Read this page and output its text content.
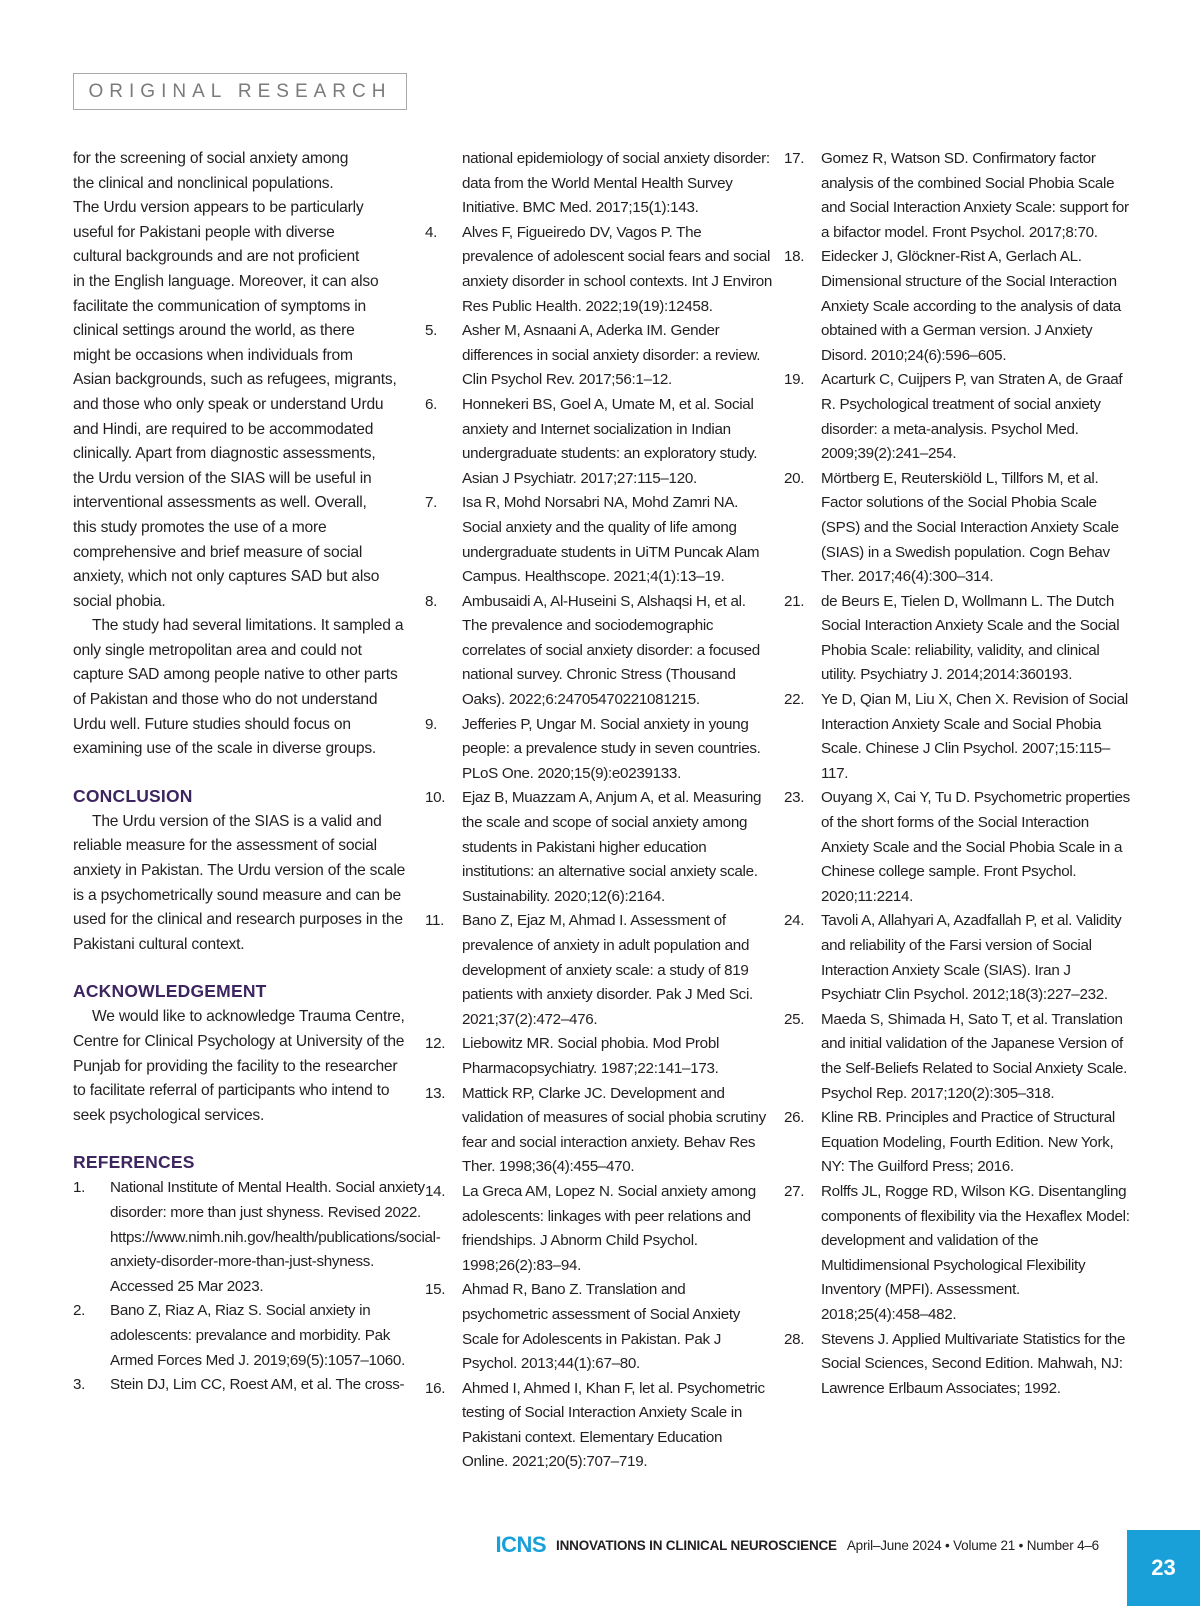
ORIGINAL RESEARCH

for the screening of social anxiety among
the clinical and nonclinical populations.
The Urdu version appears to be particularly
useful for Pakistani people with diverse
cultural backgrounds and are not proficient
in the English language. Moreover, it can also
facilitate the communication of symptoms in
clinical settings around the world, as there
might be occasions when individuals from
Asian backgrounds, such as refugees, migrants,
and those who only speak or understand Urdu
and Hindi, are required to be accommodated
clinically. Apart from diagnostic assessments,
the Urdu version of the SIAS will be useful in
interventional assessments as well. Overall,
this study promotes the use of a more
comprehensive and brief measure of social
anxiety, which not only captures SAD but also
social phobia.

The study had several limitations. It sampled a only single metropolitan area and could not capture SAD among people native to other parts of Pakistan and those who do not understand Urdu well. Future studies should focus on examining use of the scale in diverse groups.

CONCLUSION

The Urdu version of the SIAS is a valid and reliable measure for the assessment of social anxiety in Pakistan. The Urdu version of the scale is a psychometrically sound measure and can be used for the clinical and research purposes in the Pakistani cultural context.

ACKNOWLEDGEMENT

We would like to acknowledge Trauma Centre, Centre for Clinical Psychology at University of the Punjab for providing the facility to the researcher to facilitate referral of participants who intend to seek psychological services.

REFERENCES
1.	National Institute of Mental Health. Social anxiety disorder: more than just shyness. Revised 2022. https://www.nimh.nih.gov/health/publications/social-anxiety-disorder-more-than-just-shyness. Accessed 25 Mar 2023.
2.	Bano Z, Riaz A, Riaz S. Social anxiety in adolescents: prevalance and morbidity. Pak Armed Forces Med J. 2019;69(5):1057–1060.
3.	Stein DJ, Lim CC, Roest AM, et al. The cross-
national epidemiology of social anxiety disorder: data from the World Mental Health Survey Initiative. BMC Med. 2017;15(1):143.
4.	Alves F, Figueiredo DV, Vagos P. The prevalence of adolescent social fears and social anxiety disorder in school contexts. Int J Environ Res Public Health. 2022;19(19):12458.
5.	Asher M, Asnaani A, Aderka IM. Gender differences in social anxiety disorder: a review. Clin Psychol Rev. 2017;56:1–12.
6.	Honnekeri BS, Goel A, Umate M, et al. Social anxiety and Internet socialization in Indian undergraduate students: an exploratory study. Asian J Psychiatr. 2017;27:115–120.
7.	Isa R, Mohd Norsabri NA, Mohd Zamri NA. Social anxiety and the quality of life among undergraduate students in UiTM Puncak Alam Campus. Healthscope. 2021;4(1):13–19.
8.	Ambusaidi A, Al-Huseini S, Alshaqsi H, et al. The prevalence and sociodemographic correlates of social anxiety disorder: a focused national survey. Chronic Stress (Thousand Oaks). 2022;6:24705470221081215.
9.	Jefferies P, Ungar M. Social anxiety in young people: a prevalence study in seven countries. PLoS One. 2020;15(9):e0239133.
10.	Ejaz B, Muazzam A, Anjum A, et al. Measuring the scale and scope of social anxiety among students in Pakistani higher education institutions: an alternative social anxiety scale. Sustainability. 2020;12(6):2164.
11.	Bano Z, Ejaz M, Ahmad I. Assessment of prevalence of anxiety in adult population and development of anxiety scale: a study of 819 patients with anxiety disorder. Pak J Med Sci. 2021;37(2):472–476.
12.	Liebowitz MR. Social phobia. Mod Probl Pharmacopsychiatry. 1987;22:141–173.
13.	Mattick RP, Clarke JC. Development and validation of measures of social phobia scrutiny fear and social interaction anxiety. Behav Res Ther. 1998;36(4):455–470.
14.	La Greca AM, Lopez N. Social anxiety among adolescents: linkages with peer relations and friendships. J Abnorm Child Psychol. 1998;26(2):83–94.
15.	Ahmad R, Bano Z. Translation and psychometric assessment of Social Anxiety Scale for Adolescents in Pakistan. Pak J Psychol. 2013;44(1):67–80.
16.	Ahmed I, Ahmed I, Khan F, let al. Psychometric testing of Social Interaction Anxiety Scale in Pakistani context. Elementary Education Online. 2021;20(5):707–719.
17.	Gomez R, Watson SD. Confirmatory factor analysis of the combined Social Phobia Scale and Social Interaction Anxiety Scale: support for a bifactor model. Front Psychol. 2017;8:70.
18.	Eidecker J, Glöckner-Rist A, Gerlach AL. Dimensional structure of the Social Interaction Anxiety Scale according to the analysis of data obtained with a German version. J Anxiety Disord. 2010;24(6):596–605.
19.	Acarturk C, Cuijpers P, van Straten A, de Graaf R. Psychological treatment of social anxiety disorder: a meta-analysis. Psychol Med. 2009;39(2):241–254.
20.	Mörtberg E, Reuterskiöld L, Tillfors M, et al. Factor solutions of the Social Phobia Scale (SPS) and the Social Interaction Anxiety Scale (SIAS) in a Swedish population. Cogn Behav Ther. 2017;46(4):300–314.
21.	de Beurs E, Tielen D, Wollmann L. The Dutch Social Interaction Anxiety Scale and the Social Phobia Scale: reliability, validity, and clinical utility. Psychiatry J. 2014;2014:360193.
22.	Ye D, Qian M, Liu X, Chen X. Revision of Social Interaction Anxiety Scale and Social Phobia Scale. Chinese J Clin Psychol. 2007;15:115–117.
23.	Ouyang X, Cai Y, Tu D. Psychometric properties of the short forms of the Social Interaction Anxiety Scale and the Social Phobia Scale in a Chinese college sample. Front Psychol. 2020;11:2214.
24.	Tavoli A, Allahyari A, Azadfallah P, et al. Validity and reliability of the Farsi version of Social Interaction Anxiety Scale (SIAS). Iran J Psychiatr Clin Psychol. 2012;18(3):227–232.
25.	Maeda S, Shimada H, Sato T, et al. Translation and initial validation of the Japanese Version of the Self-Beliefs Related to Social Anxiety Scale. Psychol Rep. 2017;120(2):305–318.
26.	Kline RB. Principles and Practice of Structural Equation Modeling, Fourth Edition. New York, NY: The Guilford Press; 2016.
27.	Rolffs JL, Rogge RD, Wilson KG. Disentangling components of flexibility via the Hexaflex Model: development and validation of the Multidimensional Psychological Flexibility Inventory (MPFI). Assessment. 2018;25(4):458–482.
28.	Stevens J. Applied Multivariate Statistics for the Social Sciences, Second Edition. Mahwah, NJ: Lawrence Erlbaum Associates; 1992.
ICNS INNOVATIONS IN CLINICAL NEUROSCIENCE April–June 2024 • Volume 21 • Number 4–6
23
